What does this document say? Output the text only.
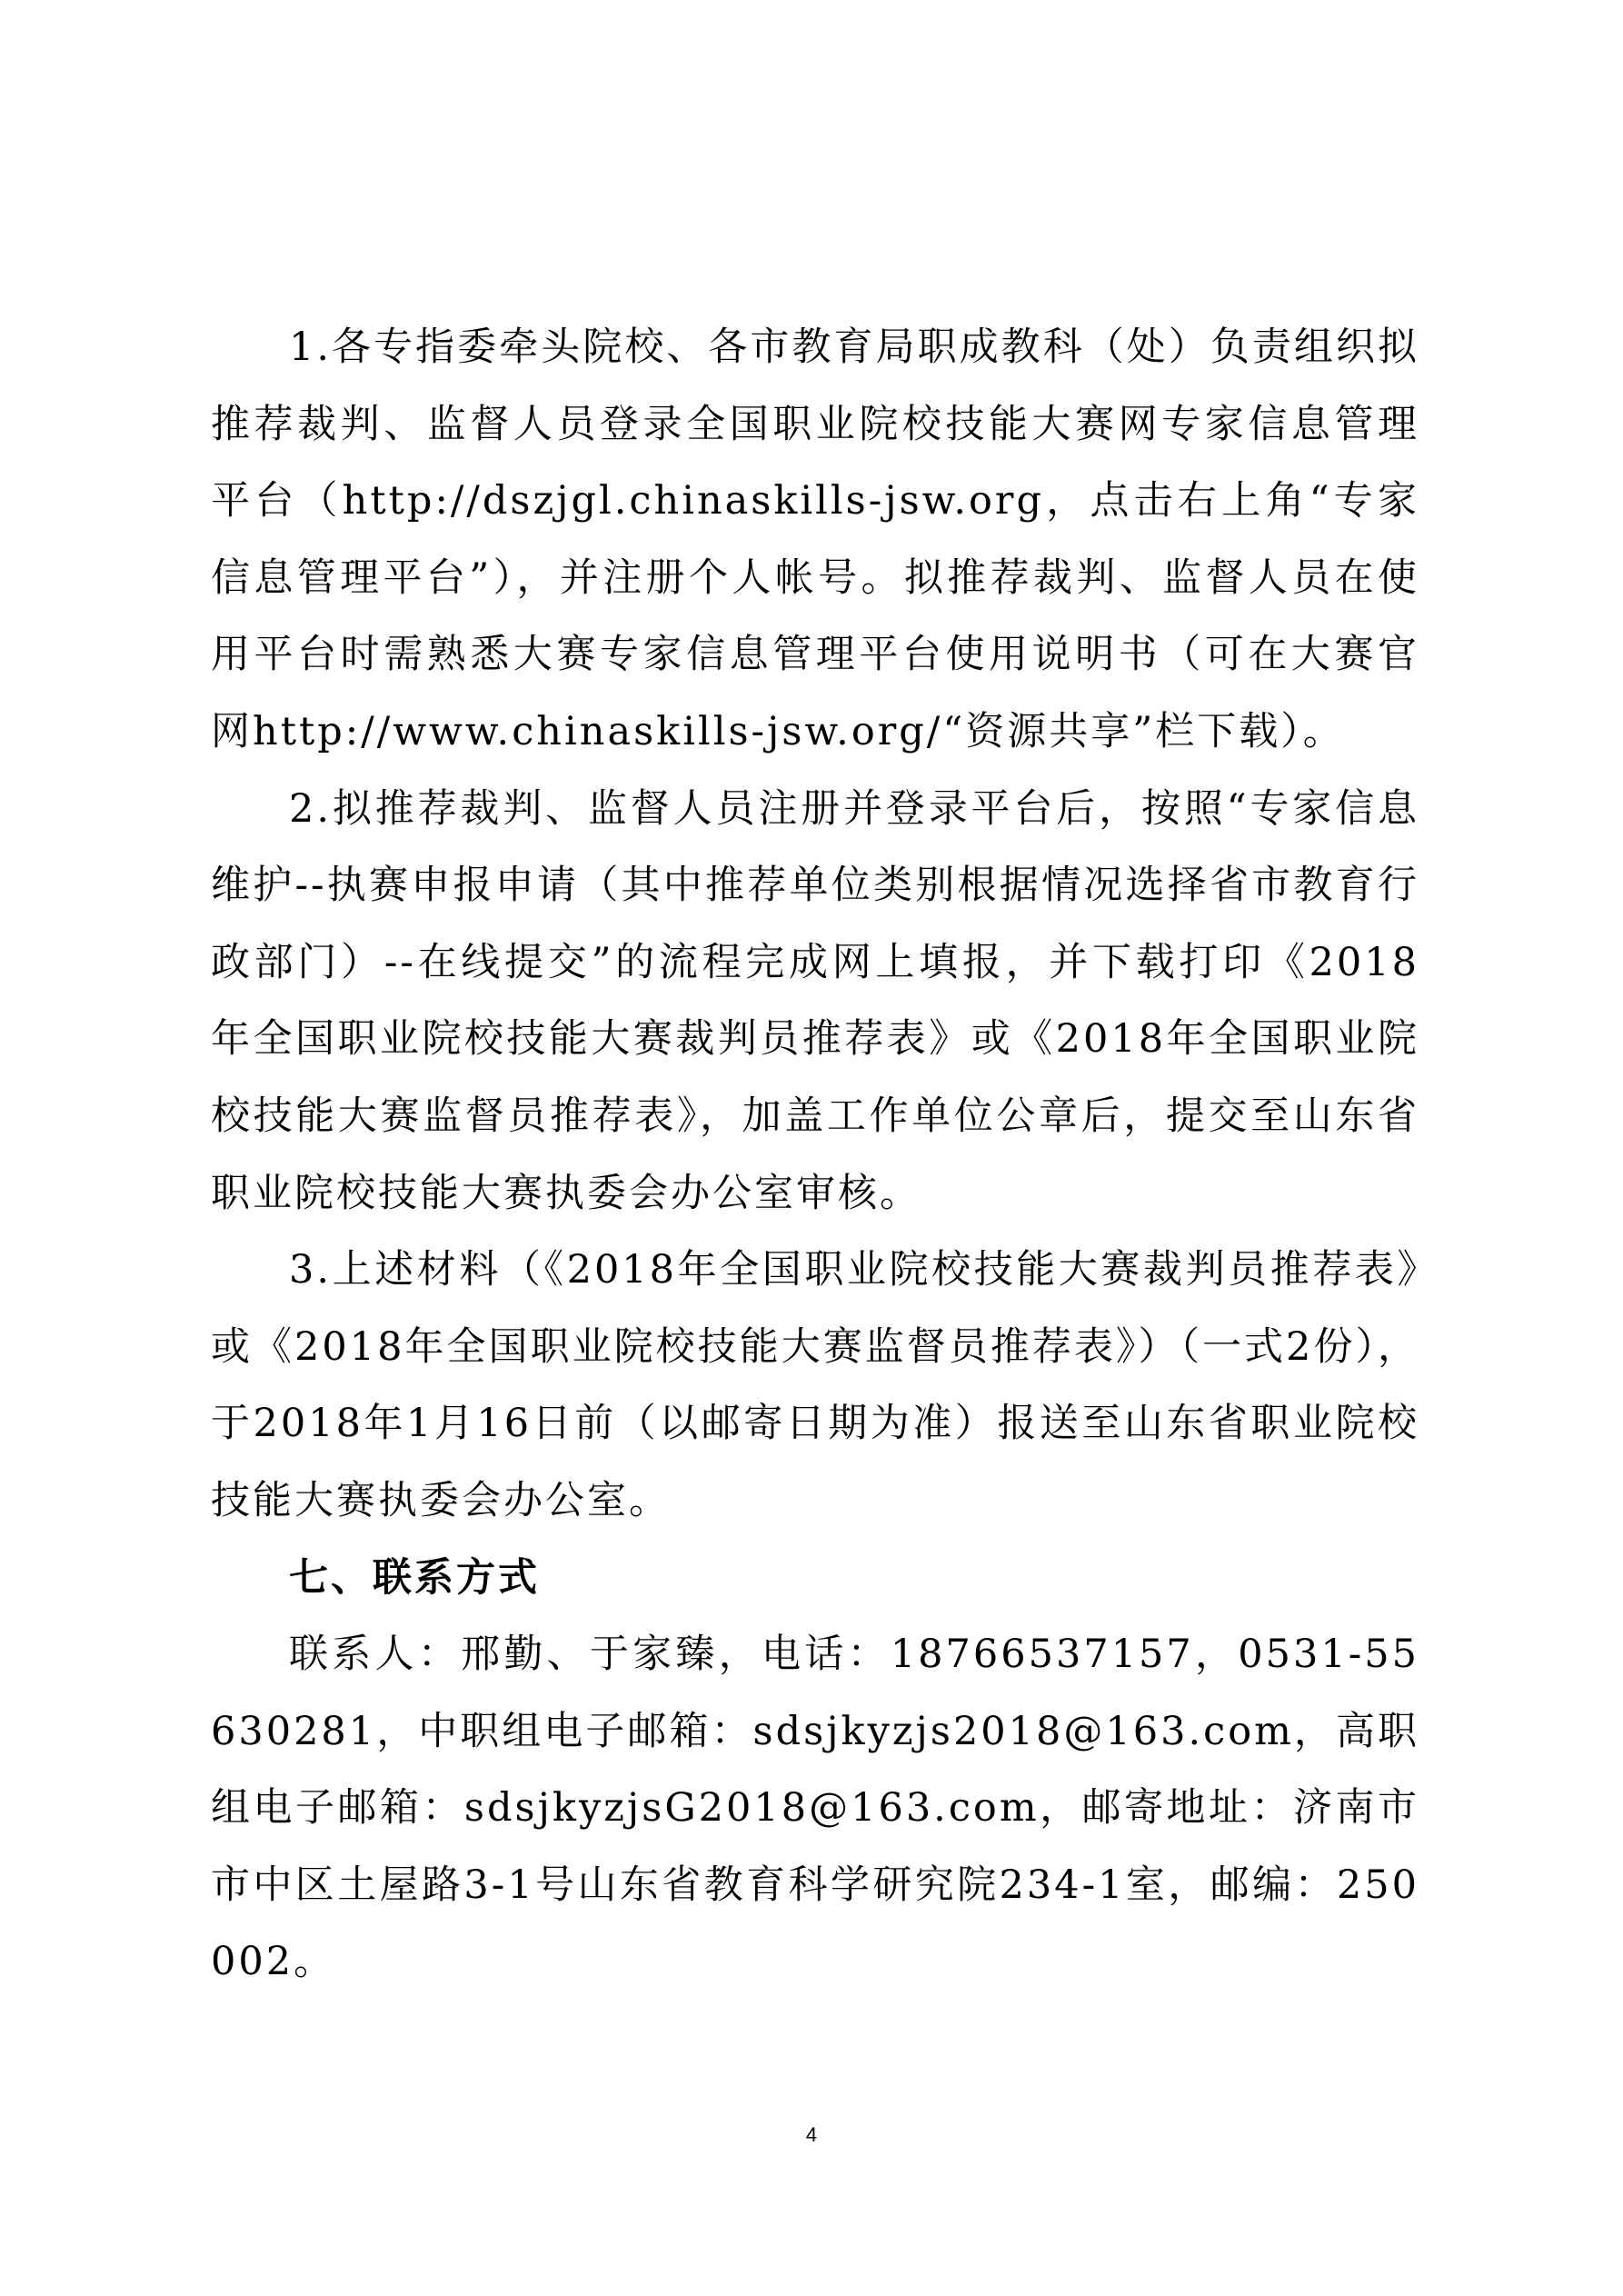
1.各专指委牵头院校、各市教育局职成教科（处）负责组织拟推荐裁判、监督人员登录全国职业院校技能大赛网专家信息管理平台（http://dszjgl.chinaskills-jsw.org，点击右上角“专家信息管理平台”），并注册个人帐号。拟推荐裁判、监督人员在使用平台时需熟悉大赛专家信息管理平台使用说明书（可在大赛官网http://www.chinaskills-jsw.org/“资源共享”栏下载）。

2.拟推荐裁判、监督人员注册并登录平台后，按照“专家信息维护--执赛申报申请（其中推荐单位类别根据情况选择省市教育行政部门）--在线提交”的流程完成网上填报，并下载打印《2018年全国职业院校技能大赛裁判员推荐表》或《2018年全国职业院校技能大赛监督员推荐表》，加盖工作单位公章后，提交至山东省职业院校技能大赛执委会办公室审核。

3.上述材料（《2018年全国职业院校技能大赛裁判员推荐表》或《2018年全国职业院校技能大赛监督员推荐表》）（一式2份），于2018年1月16日前（以邮寄日期为准）报送至山东省职业院校技能大赛执委会办公室。

七、联系方式

联系人：邢勤、于家臻，电话：18766537157，0531-55630281，中职组电子邮箱：sdsjkyzjs2018@163.com，高职组电子邮箱：sdsjkyzjsG2018@163.com，邮寄地址：济南市市中区土屋路3-1号山东省教育科学研究院234-1室，邮编：250002。

4
